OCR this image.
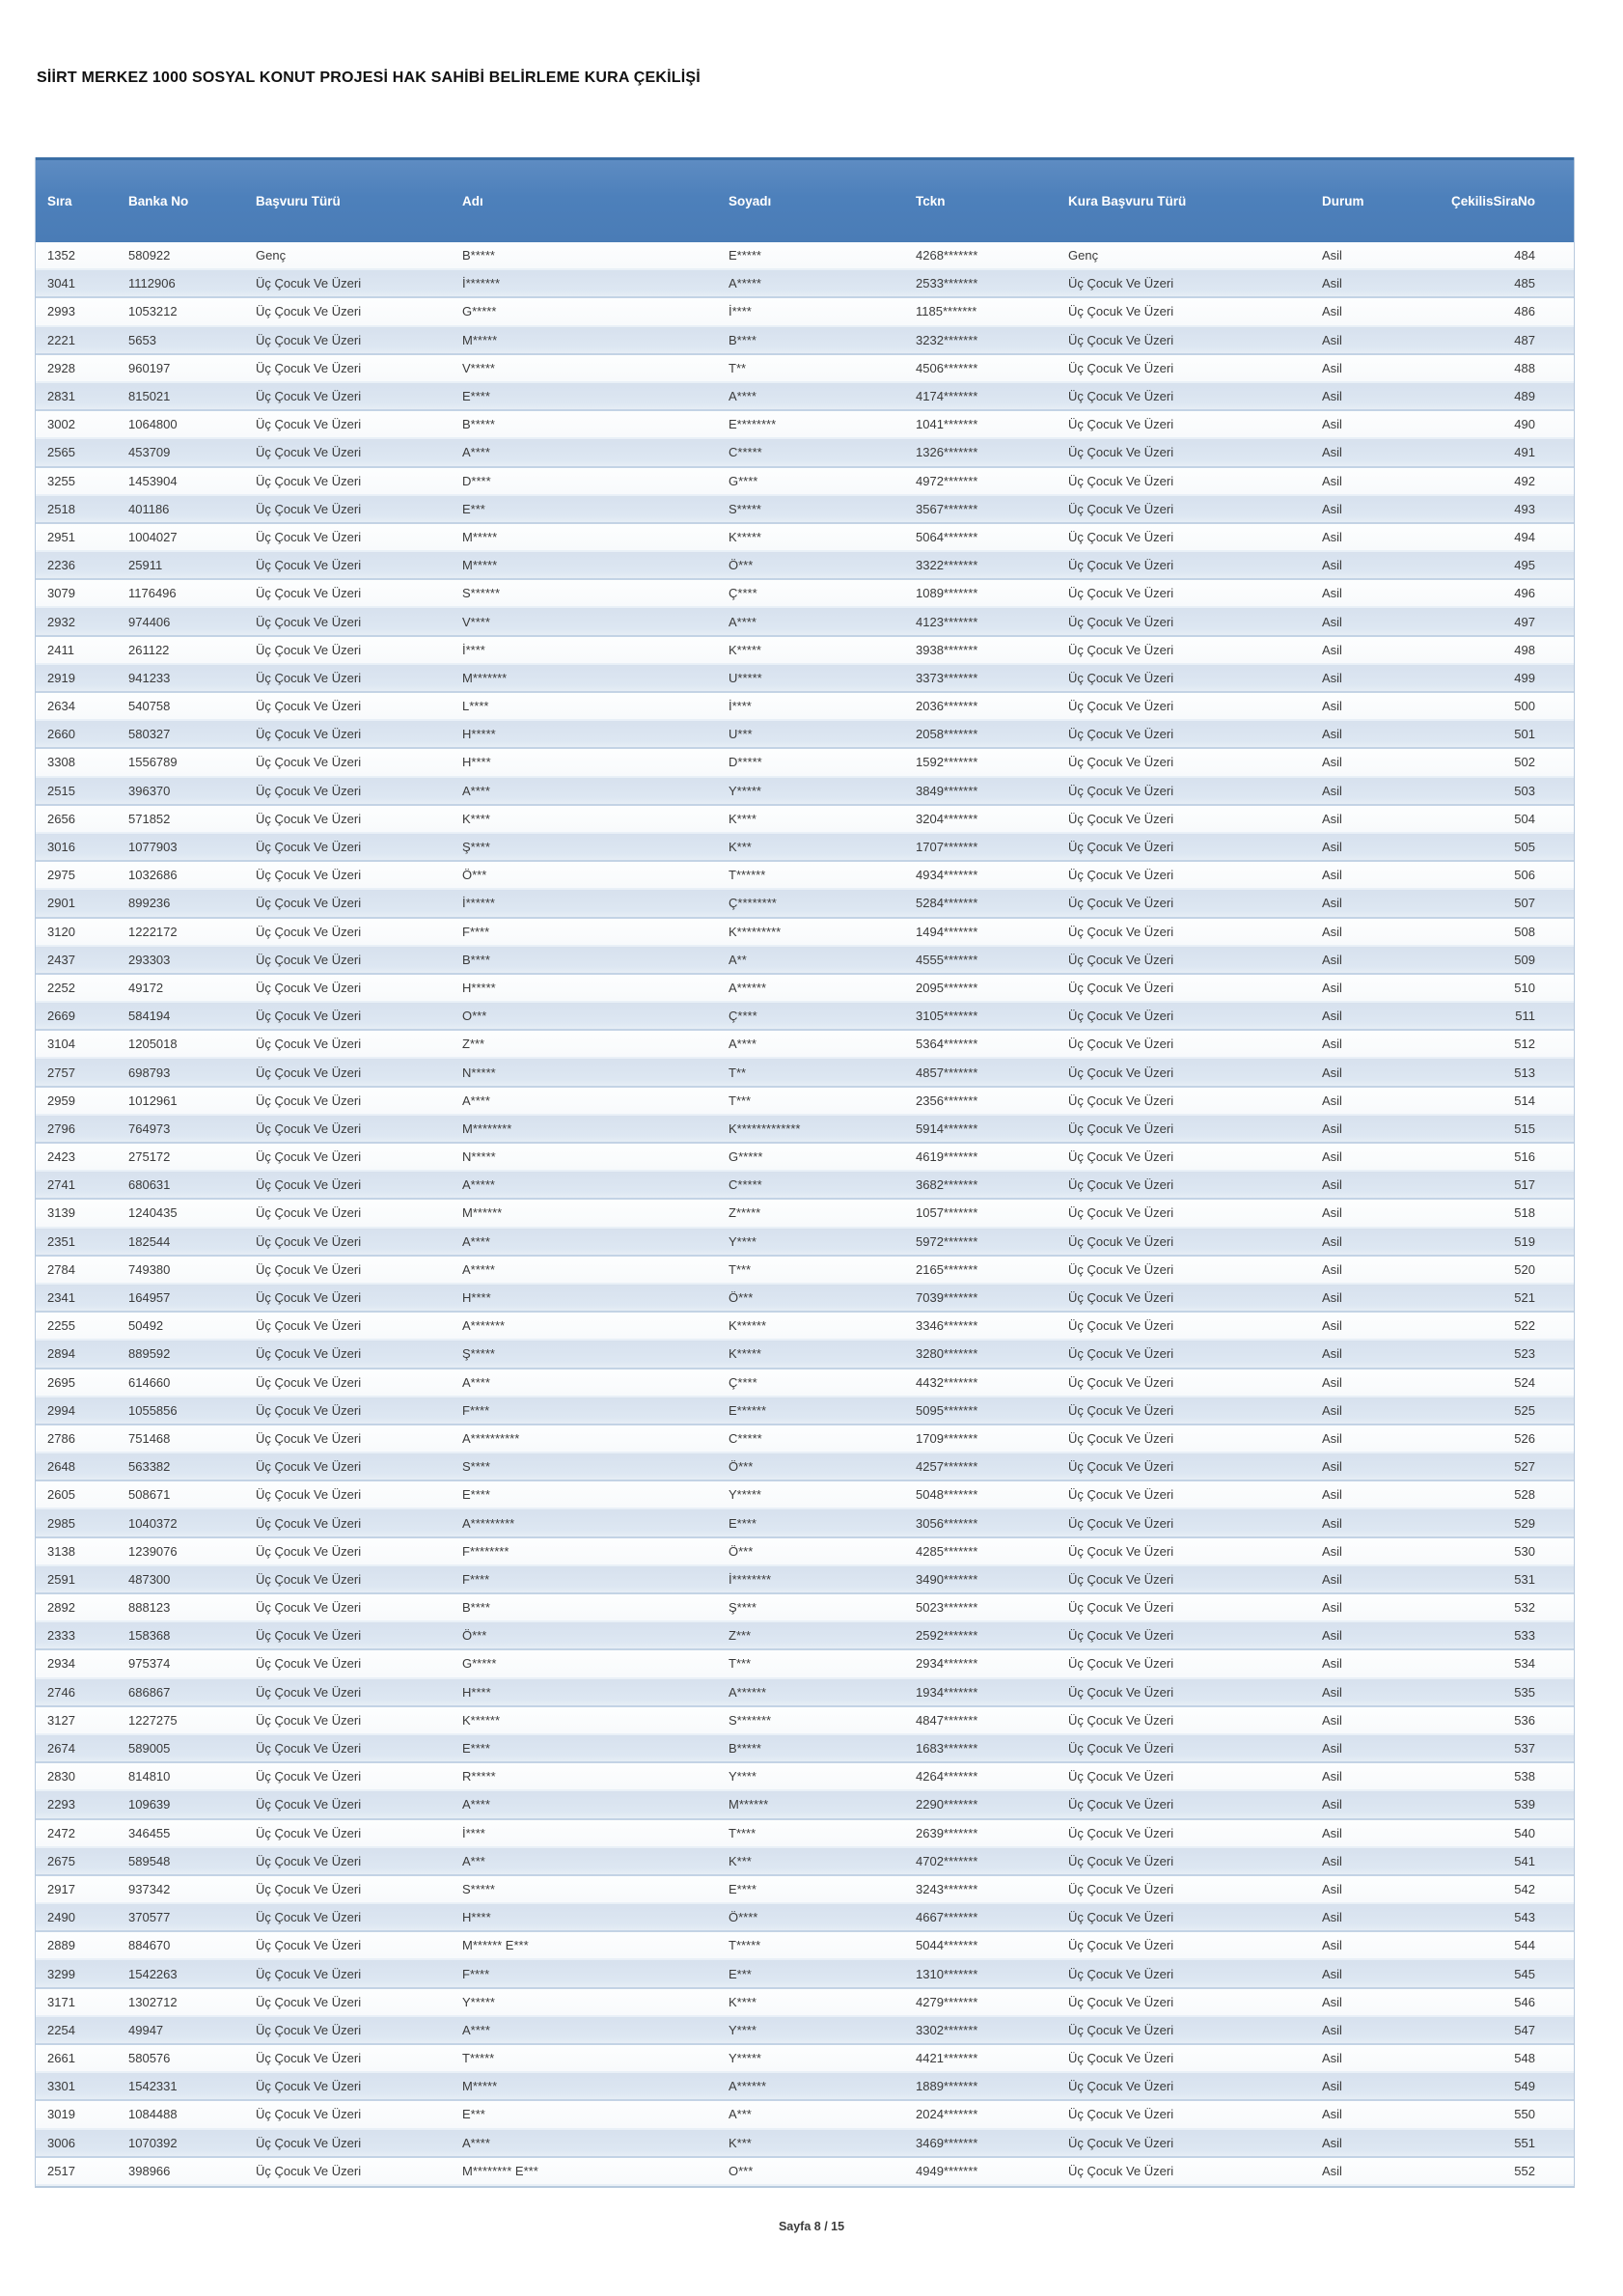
SİİRT MERKEZ 1000 SOSYAL KONUT PROJESİ HAK SAHİBİ BELİRLEME KURA ÇEKİLİŞİ
Sıra	Banka No	Başvuru Türü	Adı	Soyadı	Tckn	Kura Başvuru Türü	Durum	ÇekilisSiraNo
1352	580922	Genç	B*****	E*****	4268*******	Genç	Asil	484
3041	1112906	Üç Çocuk Ve Üzeri	İ*******	A*****	2533*******	Üç Çocuk Ve Üzeri	Asil	485
2993	1053212	Üç Çocuk Ve Üzeri	G*****	İ****	1185*******	Üç Çocuk Ve Üzeri	Asil	486
2221	5653	Üç Çocuk Ve Üzeri	M*****	B****	3232*******	Üç Çocuk Ve Üzeri	Asil	487
2928	960197	Üç Çocuk Ve Üzeri	V*****	T**	4506*******	Üç Çocuk Ve Üzeri	Asil	488
2831	815021	Üç Çocuk Ve Üzeri	E****	A****	4174*******	Üç Çocuk Ve Üzeri	Asil	489
3002	1064800	Üç Çocuk Ve Üzeri	B*****	E********	1041*******	Üç Çocuk Ve Üzeri	Asil	490
2565	453709	Üç Çocuk Ve Üzeri	A****	C*****	1326*******	Üç Çocuk Ve Üzeri	Asil	491
3255	1453904	Üç Çocuk Ve Üzeri	D****	G****	4972*******	Üç Çocuk Ve Üzeri	Asil	492
2518	401186	Üç Çocuk Ve Üzeri	E***	S*****	3567*******	Üç Çocuk Ve Üzeri	Asil	493
2951	1004027	Üç Çocuk Ve Üzeri	M*****	K*****	5064*******	Üç Çocuk Ve Üzeri	Asil	494
2236	25911	Üç Çocuk Ve Üzeri	M*****	Ö***	3322*******	Üç Çocuk Ve Üzeri	Asil	495
3079	1176496	Üç Çocuk Ve Üzeri	S******	Ç****	1089*******	Üç Çocuk Ve Üzeri	Asil	496
2932	974406	Üç Çocuk Ve Üzeri	V****	A****	4123*******	Üç Çocuk Ve Üzeri	Asil	497
2411	261122	Üç Çocuk Ve Üzeri	İ****	K*****	3938*******	Üç Çocuk Ve Üzeri	Asil	498
2919	941233	Üç Çocuk Ve Üzeri	M*******	U*****	3373*******	Üç Çocuk Ve Üzeri	Asil	499
2634	540758	Üç Çocuk Ve Üzeri	L****	İ****	2036*******	Üç Çocuk Ve Üzeri	Asil	500
2660	580327	Üç Çocuk Ve Üzeri	H*****	U***	2058*******	Üç Çocuk Ve Üzeri	Asil	501
3308	1556789	Üç Çocuk Ve Üzeri	H****	D*****	1592*******	Üç Çocuk Ve Üzeri	Asil	502
2515	396370	Üç Çocuk Ve Üzeri	A****	Y*****	3849*******	Üç Çocuk Ve Üzeri	Asil	503
2656	571852	Üç Çocuk Ve Üzeri	K****	K****	3204*******	Üç Çocuk Ve Üzeri	Asil	504
3016	1077903	Üç Çocuk Ve Üzeri	Ş****	K***	1707*******	Üç Çocuk Ve Üzeri	Asil	505
2975	1032686	Üç Çocuk Ve Üzeri	Ö***	T******	4934*******	Üç Çocuk Ve Üzeri	Asil	506
2901	899236	Üç Çocuk Ve Üzeri	İ******	Ç********	5284*******	Üç Çocuk Ve Üzeri	Asil	507
3120	1222172	Üç Çocuk Ve Üzeri	F****	K*********	1494*******	Üç Çocuk Ve Üzeri	Asil	508
2437	293303	Üç Çocuk Ve Üzeri	B****	A**	4555*******	Üç Çocuk Ve Üzeri	Asil	509
2252	49172	Üç Çocuk Ve Üzeri	H*****	A******	2095*******	Üç Çocuk Ve Üzeri	Asil	510
2669	584194	Üç Çocuk Ve Üzeri	O***	Ç****	3105*******	Üç Çocuk Ve Üzeri	Asil	511
3104	1205018	Üç Çocuk Ve Üzeri	Z***	A****	5364*******	Üç Çocuk Ve Üzeri	Asil	512
2757	698793	Üç Çocuk Ve Üzeri	N*****	T**	4857*******	Üç Çocuk Ve Üzeri	Asil	513
2959	1012961	Üç Çocuk Ve Üzeri	A****	T***	2356*******	Üç Çocuk Ve Üzeri	Asil	514
2796	764973	Üç Çocuk Ve Üzeri	M********	K*************	5914*******	Üç Çocuk Ve Üzeri	Asil	515
2423	275172	Üç Çocuk Ve Üzeri	N*****	G*****	4619*******	Üç Çocuk Ve Üzeri	Asil	516
2741	680631	Üç Çocuk Ve Üzeri	A*****	C*****	3682*******	Üç Çocuk Ve Üzeri	Asil	517
3139	1240435	Üç Çocuk Ve Üzeri	M******	Z*****	1057*******	Üç Çocuk Ve Üzeri	Asil	518
2351	182544	Üç Çocuk Ve Üzeri	A****	Y****	5972*******	Üç Çocuk Ve Üzeri	Asil	519
2784	749380	Üç Çocuk Ve Üzeri	A*****	T***	2165*******	Üç Çocuk Ve Üzeri	Asil	520
2341	164957	Üç Çocuk Ve Üzeri	H****	Ö***	7039*******	Üç Çocuk Ve Üzeri	Asil	521
2255	50492	Üç Çocuk Ve Üzeri	A*******	K******	3346*******	Üç Çocuk Ve Üzeri	Asil	522
2894	889592	Üç Çocuk Ve Üzeri	Ş*****	K*****	3280*******	Üç Çocuk Ve Üzeri	Asil	523
2695	614660	Üç Çocuk Ve Üzeri	A****	Ç****	4432*******	Üç Çocuk Ve Üzeri	Asil	524
2994	1055856	Üç Çocuk Ve Üzeri	F****	E******	5095*******	Üç Çocuk Ve Üzeri	Asil	525
2786	751468	Üç Çocuk Ve Üzeri	A**********	C*****	1709*******	Üç Çocuk Ve Üzeri	Asil	526
2648	563382	Üç Çocuk Ve Üzeri	S****	Ö***	4257*******	Üç Çocuk Ve Üzeri	Asil	527
2605	508671	Üç Çocuk Ve Üzeri	E****	Y*****	5048*******	Üç Çocuk Ve Üzeri	Asil	528
2985	1040372	Üç Çocuk Ve Üzeri	A*********	E****	3056*******	Üç Çocuk Ve Üzeri	Asil	529
3138	1239076	Üç Çocuk Ve Üzeri	F********	Ö***	4285*******	Üç Çocuk Ve Üzeri	Asil	530
2591	487300	Üç Çocuk Ve Üzeri	F****	İ********	3490*******	Üç Çocuk Ve Üzeri	Asil	531
2892	888123	Üç Çocuk Ve Üzeri	B****	Ş****	5023*******	Üç Çocuk Ve Üzeri	Asil	532
2333	158368	Üç Çocuk Ve Üzeri	Ö***	Z***	2592*******	Üç Çocuk Ve Üzeri	Asil	533
2934	975374	Üç Çocuk Ve Üzeri	G*****	T***	2934*******	Üç Çocuk Ve Üzeri	Asil	534
2746	686867	Üç Çocuk Ve Üzeri	H****	A******	1934*******	Üç Çocuk Ve Üzeri	Asil	535
3127	1227275	Üç Çocuk Ve Üzeri	K******	S*******	4847*******	Üç Çocuk Ve Üzeri	Asil	536
2674	589005	Üç Çocuk Ve Üzeri	E****	B*****	1683*******	Üç Çocuk Ve Üzeri	Asil	537
2830	814810	Üç Çocuk Ve Üzeri	R*****	Y****	4264*******	Üç Çocuk Ve Üzeri	Asil	538
2293	109639	Üç Çocuk Ve Üzeri	A****	M******	2290*******	Üç Çocuk Ve Üzeri	Asil	539
2472	346455	Üç Çocuk Ve Üzeri	İ****	T****	2639*******	Üç Çocuk Ve Üzeri	Asil	540
2675	589548	Üç Çocuk Ve Üzeri	A***	K***	4702*******	Üç Çocuk Ve Üzeri	Asil	541
2917	937342	Üç Çocuk Ve Üzeri	S*****	E****	3243*******	Üç Çocuk Ve Üzeri	Asil	542
2490	370577	Üç Çocuk Ve Üzeri	H****	Ö****	4667*******	Üç Çocuk Ve Üzeri	Asil	543
2889	884670	Üç Çocuk Ve Üzeri	M****** E***	T*****	5044*******	Üç Çocuk Ve Üzeri	Asil	544
3299	1542263	Üç Çocuk Ve Üzeri	F****	E***	1310*******	Üç Çocuk Ve Üzeri	Asil	545
3171	1302712	Üç Çocuk Ve Üzeri	Y*****	K****	4279*******	Üç Çocuk Ve Üzeri	Asil	546
2254	49947	Üç Çocuk Ve Üzeri	A****	Y****	3302*******	Üç Çocuk Ve Üzeri	Asil	547
2661	580576	Üç Çocuk Ve Üzeri	T*****	Y*****	4421*******	Üç Çocuk Ve Üzeri	Asil	548
3301	1542331	Üç Çocuk Ve Üzeri	M*****	A******	1889*******	Üç Çocuk Ve Üzeri	Asil	549
3019	1084488	Üç Çocuk Ve Üzeri	E***	A***	2024*******	Üç Çocuk Ve Üzeri	Asil	550
3006	1070392	Üç Çocuk Ve Üzeri	A****	K***	3469*******	Üç Çocuk Ve Üzeri	Asil	551
2517	398966	Üç Çocuk Ve Üzeri	M******** E***	O***	4949*******	Üç Çocuk Ve Üzeri	Asil	552
Sayfa 8 / 15
